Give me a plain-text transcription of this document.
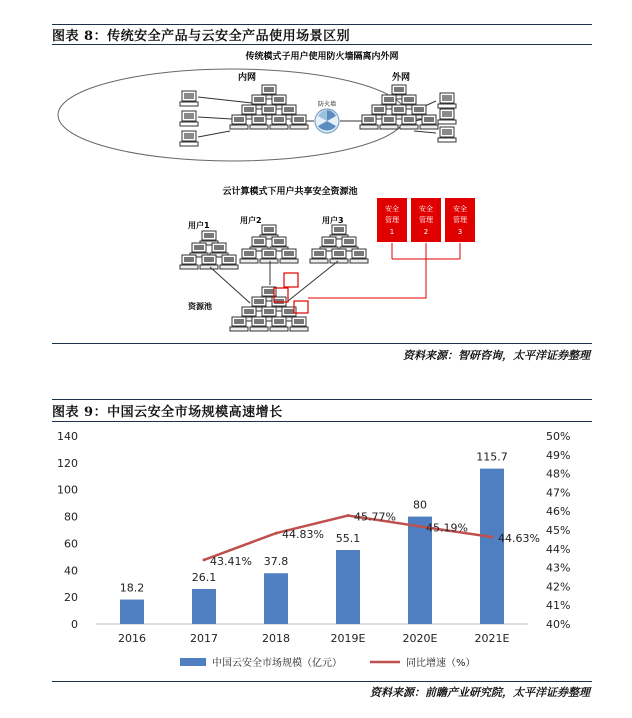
图表 8：传统安全产品与云安全产品使用场景区别
传统模式子用户使用防火墙隔离内外网
内网	外网
防火墙
云计算模式下用户共享安全资源池
用户1
用户2	用户3
资源池
安全
管理
1
安全
管理
2
安全
管理
3
资料来源：智研咨询，太平洋证券整理
图表 9：中国云安全市场规模高速增长
0
20
40
60
80
100
120
140
40%
41%
42%
43%
44%
45%
46%
47%
48%
49%
50%
18.2
26.1
37.8
55.1
80
115.7
43.41%
44.83%
45.77%
45.19%
44.63%
2016	2017	2018	2019E	2020E	2021E
中国云安全市场规模（亿元）	同比增速（%）
资料来源：前瞻产业研究院，太平洋证券整理
